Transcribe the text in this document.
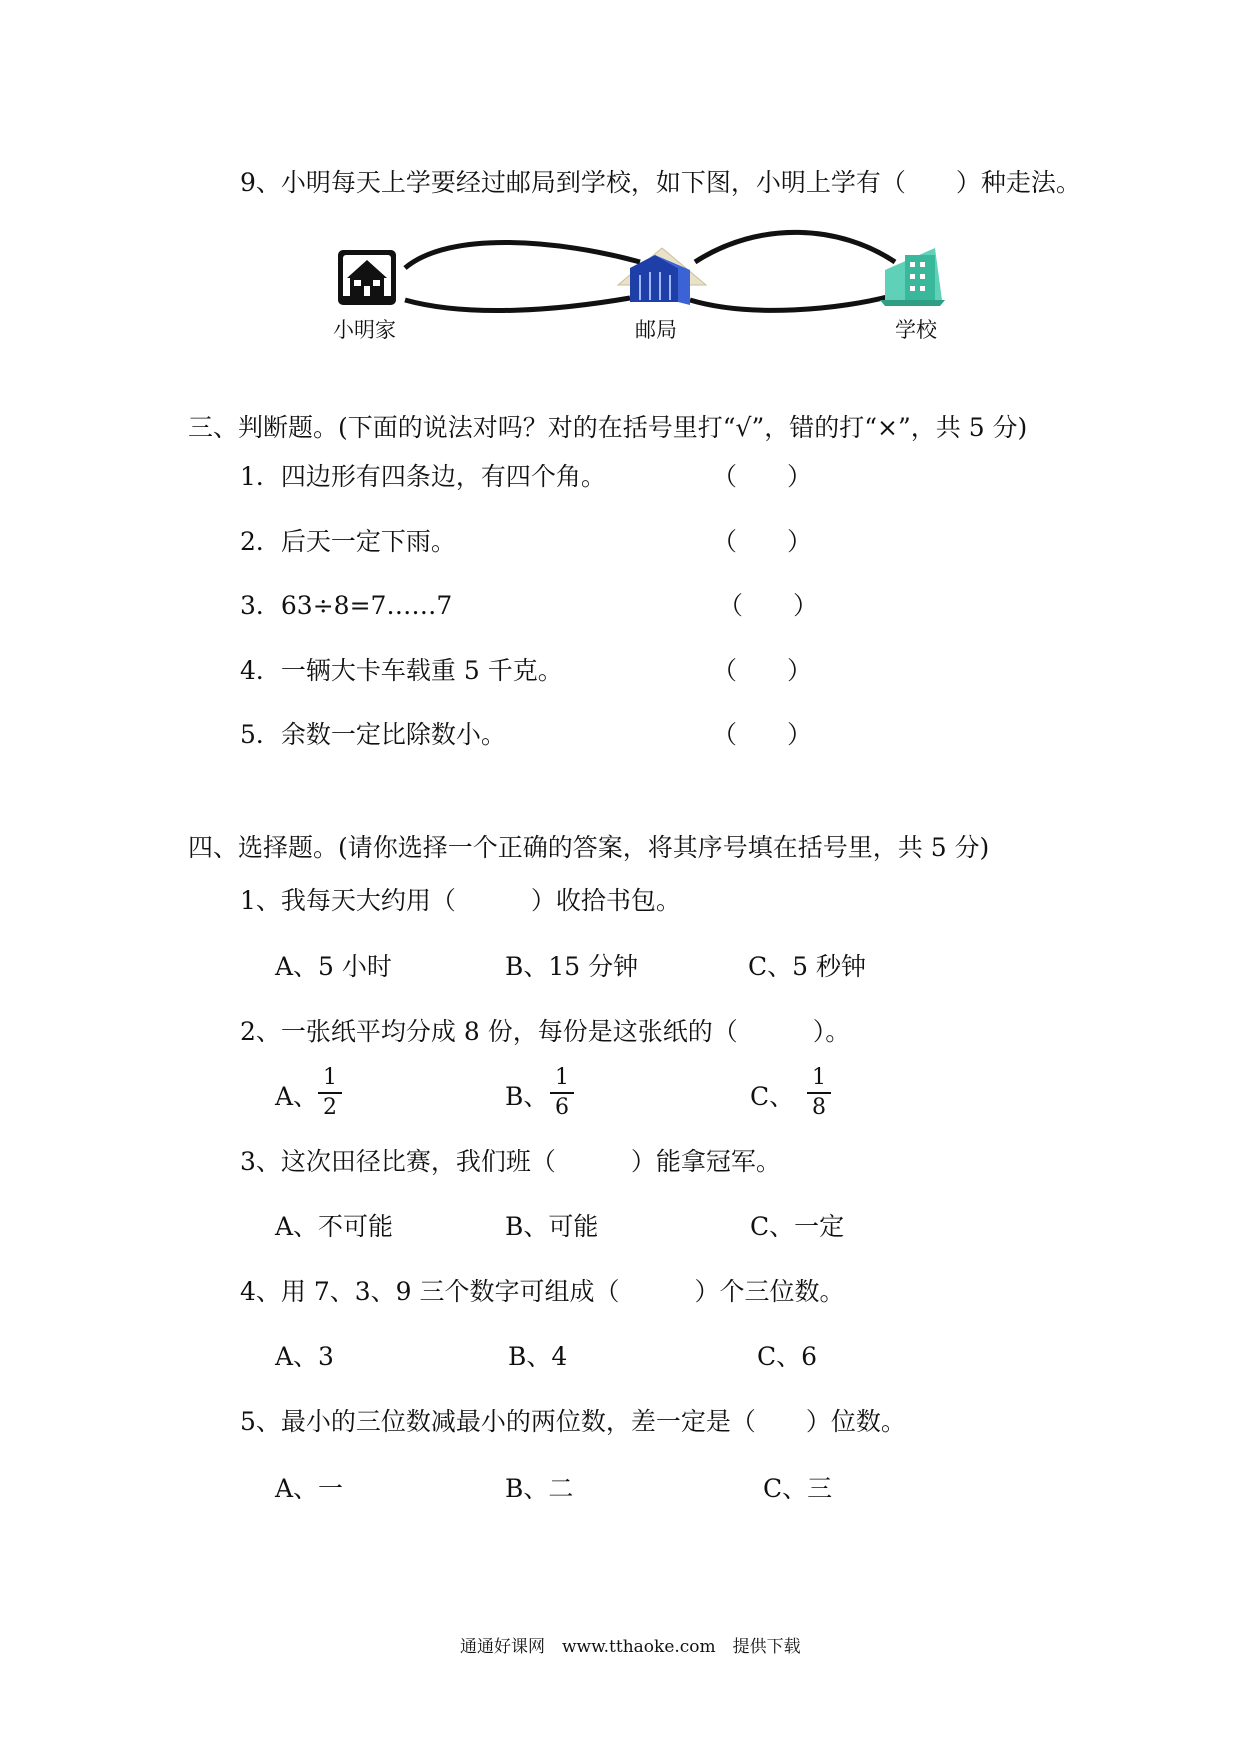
9、小明每天上学要经过邮局到学校，如下图，小明上学有（　　）种走法。
小明家	邮局	学校
三、判断题。(下面的说法对吗？对的在括号里打“√”，错的打“×”，共 5 分)
1．四边形有四条边，有四个角。	（　　）
2．后天一定下雨。	（　　）
3．63÷8=7……7	（　　）
4．一辆大卡车载重 5 千克。	（　　）
5．余数一定比除数小。	（　　）
四、选择题。(请你选择一个正确的答案，将其序号填在括号里，共 5 分)
1、我每天大约用（　　　）收拾书包。
A、5 小时	B、15 分钟	C、5 秒钟
2、一张纸平均分成 8 份，每份是这张纸的（　　　）。
A、
1
2	B、
1
6	C、
1
8
3、这次田径比赛，我们班（　　　）能拿冠军。
A、不可能	B、可能	C、一定
4、用 7、3、9 三个数字可组成（　　　）个三位数。
A、3	B、4	C、6
5、最小的三位数减最小的两位数，差一定是（　　）位数。
A、一	B、二	C、三
通通好课网　www.tthaoke.com　提供下载
